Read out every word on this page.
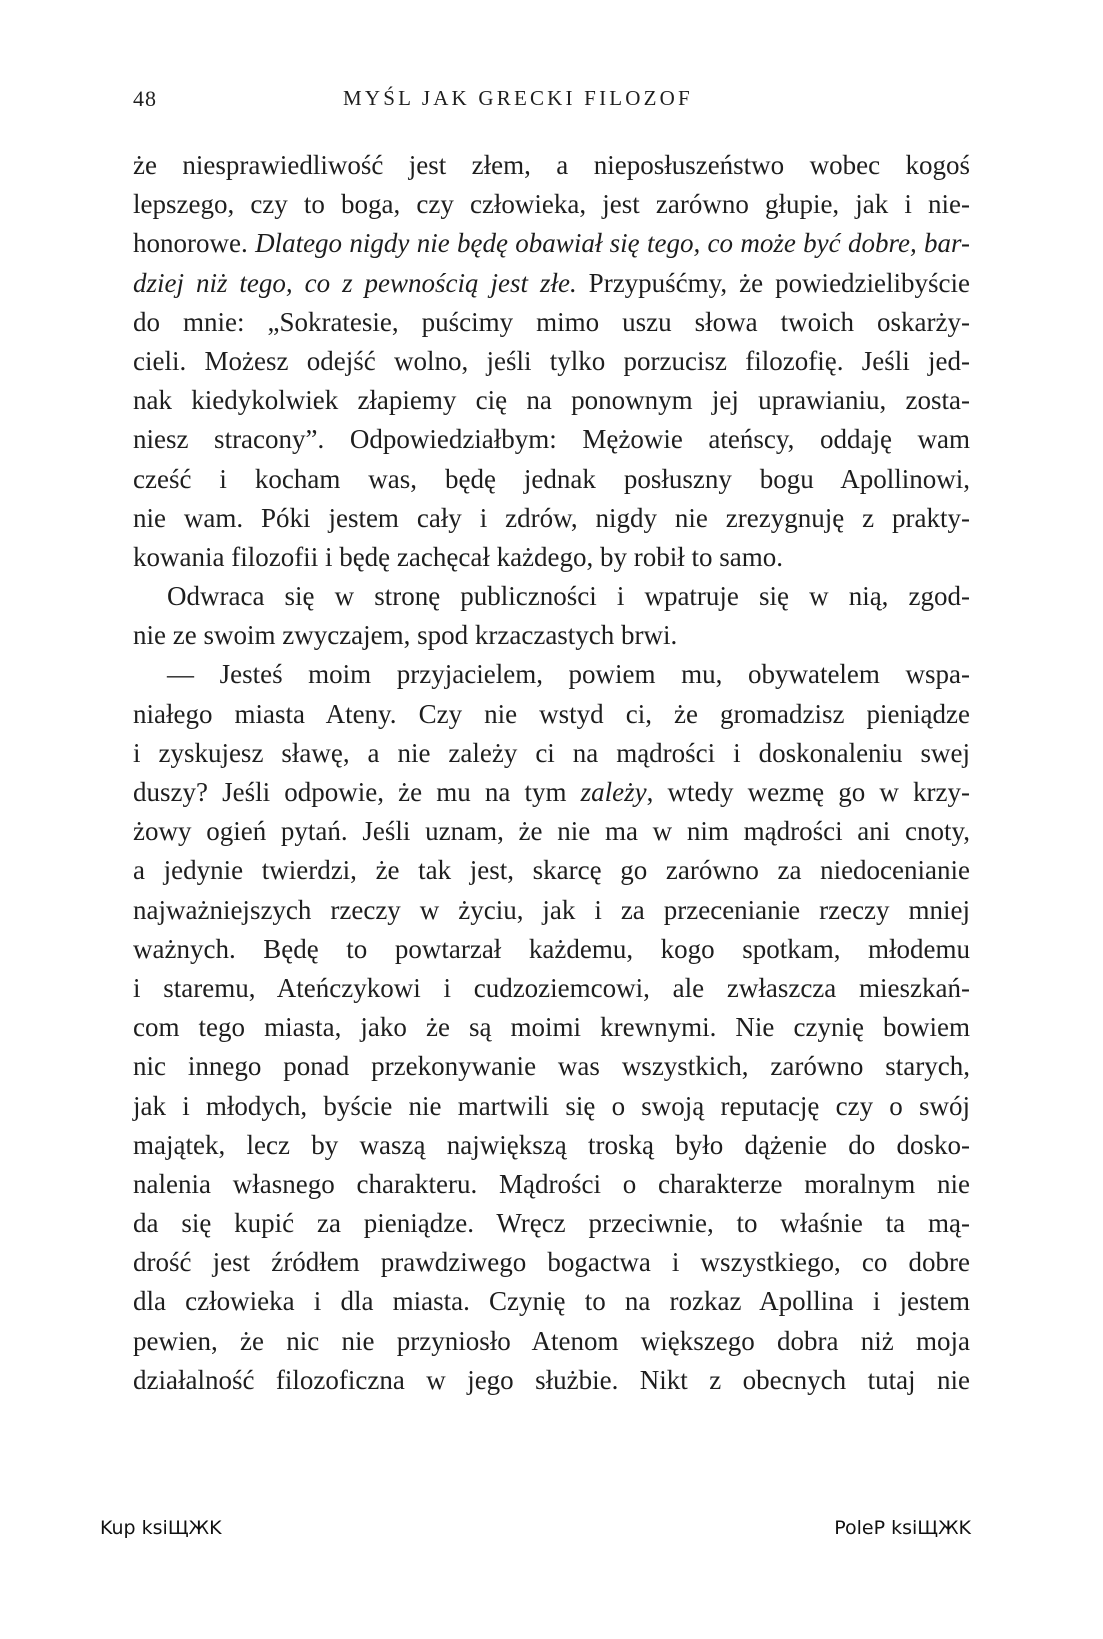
48	MYŚL JAK GRECKI FILOZOF
że niesprawiedliwość jest złem, a nieposłuszeństwo wobec kogoś
lepszego, czy to boga, czy człowieka, jest zarówno głupie, jak i nie-
honorowe. Dlatego nigdy nie będę obawiał się tego, co może być dobre, bar-
dziej niż tego, co z pewnością jest złe. Przypuśćmy, że powiedzielibyście
do mnie: „Sokratesie, puścimy mimo uszu słowa twoich oskarży-
cieli. Możesz odejść wolno, jeśli tylko porzucisz filozofię. Jeśli jed-
nak kiedykolwiek złapiemy cię na ponownym jej uprawianiu, zosta-
niesz stracony”. Odpowiedziałbym: Mężowie ateńscy, oddaję wam
cześć i kocham was, będę jednak posłuszny bogu Apollinowi,
nie wam. Póki jestem cały i zdrów, nigdy nie zrezygnuję z prakty-
kowania filozofii i będę zachęcał każdego, by robił to samo.
Odwraca się w stronę publiczności i wpatruje się w nią, zgod-
nie ze swoim zwyczajem, spod krzaczastych brwi.
— Jesteś moim przyjacielem, powiem mu, obywatelem wspa-
niałego miasta Ateny. Czy nie wstyd ci, że gromadzisz pieniądze
i zyskujesz sławę, a nie zależy ci na mądrości i doskonaleniu swej
duszy? Jeśli odpowie, że mu na tym zależy, wtedy wezmę go w krzy-
żowy ogień pytań. Jeśli uznam, że nie ma w nim mądrości ani cnoty,
a jedynie twierdzi, że tak jest, skarcę go zarówno za niedocenianie
najważniejszych rzeczy w życiu, jak i za przecenianie rzeczy mniej
ważnych. Będę to powtarzał każdemu, kogo spotkam, młodemu
i staremu, Ateńczykowi i cudzoziemcowi, ale zwłaszcza mieszkań-
com tego miasta, jako że są moimi krewnymi. Nie czynię bowiem
nic innego ponad przekonywanie was wszystkich, zarówno starych,
jak i młodych, byście nie martwili się o swoją reputację czy o swój
majątek, lecz by waszą największą troską było dążenie do dosko-
nalenia własnego charakteru. Mądrości o charakterze moralnym nie
da się kupić za pieniądze. Wręcz przeciwnie, to właśnie ta mą-
drość jest źródłem prawdziwego bogactwa i wszystkiego, co dobre
dla człowieka i dla miasta. Czynię to na rozkaz Apollina i jestem
pewien, że nic nie przyniosło Atenom większego dobra niż moja
działalność filozoficzna w jego służbie. Nikt z obecnych tutaj nie
Kup ksiЩЖK	PoleP ksiЩЖK
